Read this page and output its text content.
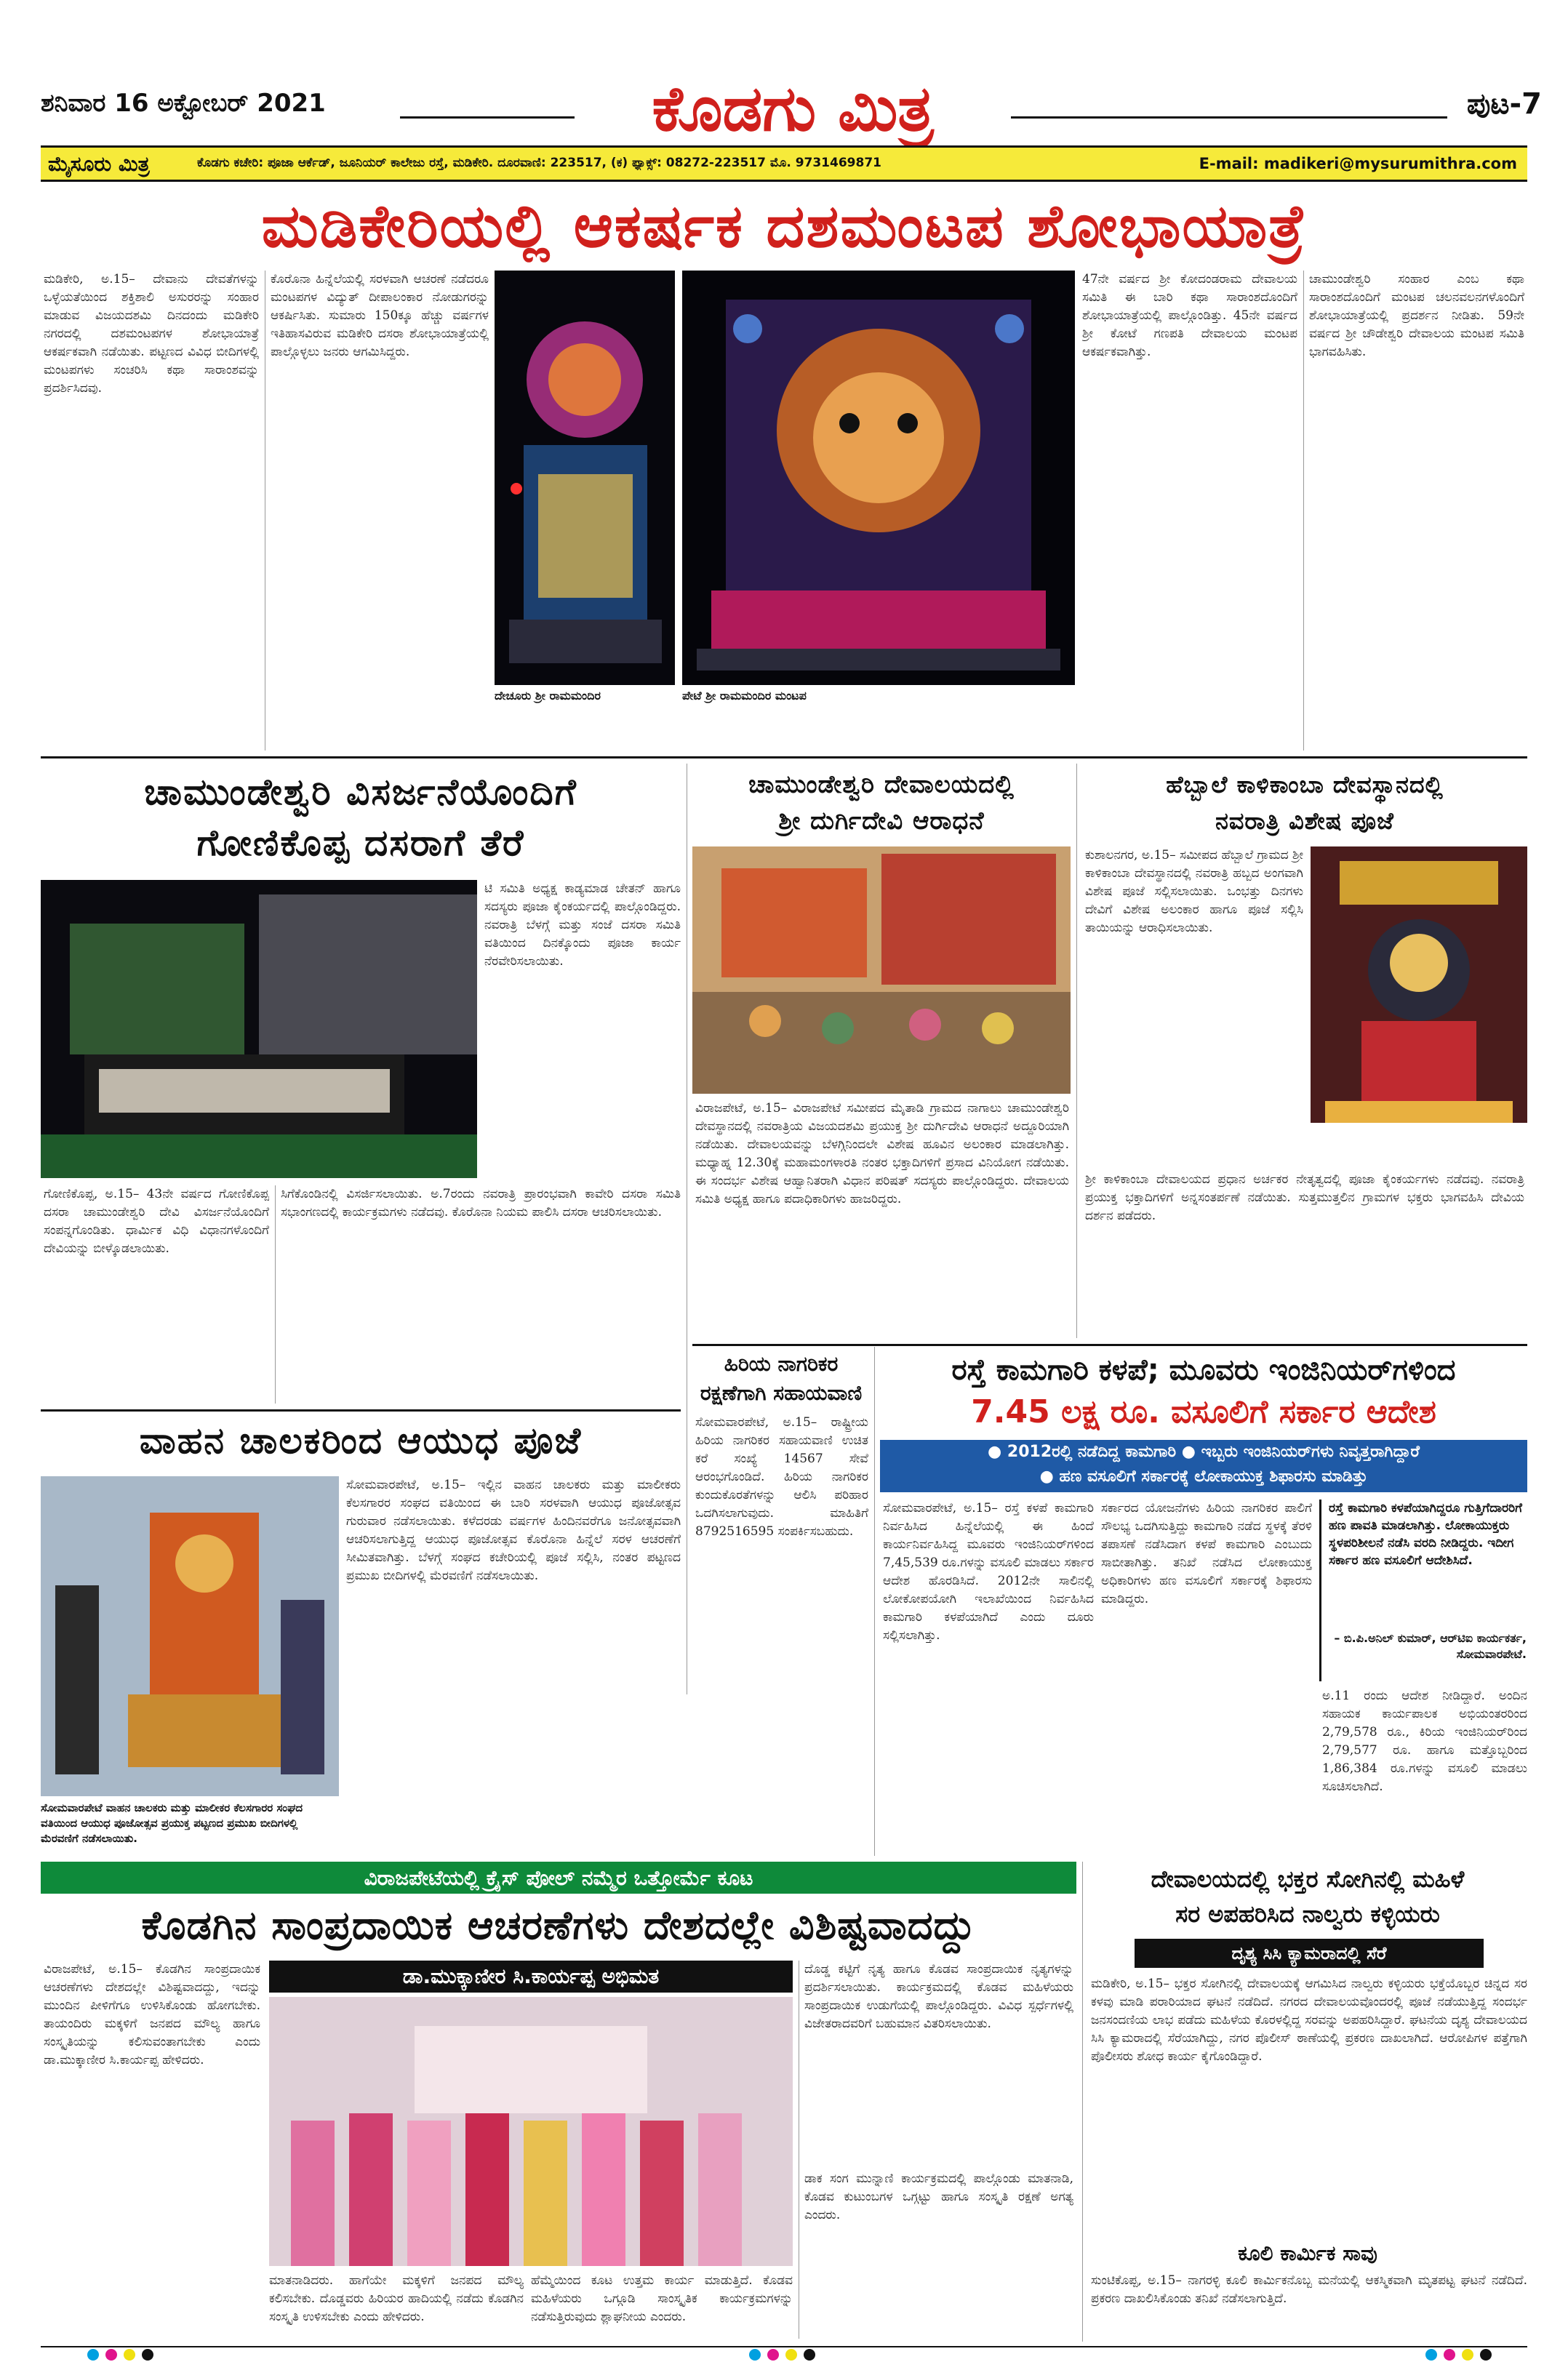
ಶನಿವಾರ 16 ಅಕ್ಟೋಬರ್ 2021	ಕೊಡಗು ಮಿತ್ರ	ಪುಟ-7
ಮೈಸೂರು ಮಿತ್ರ	ಕೊಡಗು ಕಚೇರಿ: ಪೂಜಾ ಆರ್ಕೆಡ್, ಜೂನಿಯರ್ ಕಾಲೇಜು ರಸ್ತೆ, ಮಡಿಕೇರಿ. ದೂರವಾಣಿ: 223517, (ಕ) ಫ್ಯಾಕ್ಸ್: 08272-223517 ಮೊ. 9731469871	E-mail: madikeri@mysurumithra.com
ಮಡಿಕೇರಿಯಲ್ಲಿ ಆಕರ್ಷಕ ದಶಮಂಟಪ ಶೋಭಾಯಾತ್ರೆ
ಮಡಿಕೇರಿ, ಅ.15– ದೇವಾನು ದೇವತೆಗಳನ್ನು ಒಳ್ಳೆಯತೆಯಿಂದ ಶಕ್ತಿಶಾಲಿ ಅಸುರರನ್ನು ಸಂಹಾರ ಮಾಡುವ ವಿಜಯದಶಮಿ ದಿನದಂದು ಮಡಿಕೇರಿ ನಗರದಲ್ಲಿ ದಶಮಂಟಪಗಳ ಶೋಭಾಯಾತ್ರೆ ಆಕರ್ಷಕವಾಗಿ ನಡೆಯಿತು. ಪಟ್ಟಣದ ವಿವಿಧ ಬೀದಿಗಳಲ್ಲಿ ಮಂಟಪಗಳು ಸಂಚರಿಸಿ ಕಥಾ ಸಾರಾಂಶವನ್ನು ಪ್ರದರ್ಶಿಸಿದವು.
ಕೊರೊನಾ ಹಿನ್ನೆಲೆಯಲ್ಲಿ ಸರಳವಾಗಿ ಆಚರಣೆ ನಡೆದರೂ ಮಂಟಪಗಳ ವಿದ್ಯುತ್ ದೀಪಾಲಂಕಾರ ನೋಡುಗರನ್ನು ಆಕರ್ಷಿಸಿತು. ಸುಮಾರು 150ಕ್ಕೂ ಹೆಚ್ಚು ವರ್ಷಗಳ ಇತಿಹಾಸವಿರುವ ಮಡಿಕೇರಿ ದಸರಾ ಶೋಭಾಯಾತ್ರೆಯಲ್ಲಿ ಪಾಲ್ಗೊಳ್ಳಲು ಜನರು ಆಗಮಿಸಿದ್ದರು.
ದೇಚೂರು ಶ್ರೀ ರಾಮಮಂದಿರ	ಪೇಟೆ ಶ್ರೀ ರಾಮಮಂದಿರ ಮಂಟಪ
47ನೇ ವರ್ಷದ ಶ್ರೀ ಕೋದಂಡರಾಮ ದೇವಾಲಯ ಸಮಿತಿ ಈ ಬಾರಿ ಕಥಾ ಸಾರಾಂಶದೊಂದಿಗೆ ಶೋಭಾಯಾತ್ರೆಯಲ್ಲಿ ಪಾಲ್ಗೊಂಡಿತ್ತು. 45ನೇ ವರ್ಷದ ಶ್ರೀ ಕೋಟೆ ಗಣಪತಿ ದೇವಾಲಯ ಮಂಟಪ ಆಕರ್ಷಕವಾಗಿತ್ತು.
ಚಾಮುಂಡೇಶ್ವರಿ ಸಂಹಾರ ಎಂಬ ಕಥಾ ಸಾರಾಂಶದೊಂದಿಗೆ ಮಂಟಪ ಚಲನವಲನಗಳೊಂದಿಗೆ ಶೋಭಾಯಾತ್ರೆಯಲ್ಲಿ ಪ್ರದರ್ಶನ ನೀಡಿತು. 59ನೇ ವರ್ಷದ ಶ್ರೀ ಚೌಡೇಶ್ವರಿ ದೇವಾಲಯ ಮಂಟಪ ಸಮಿತಿ ಭಾಗವಹಿಸಿತು.
ಚಾಮುಂಡೇಶ್ವರಿ ವಿಸರ್ಜನೆಯೊಂದಿಗೆ
ಗೋಣಿಕೊಪ್ಪ ದಸರಾಗೆ ತೆರೆ
ಟಿ ಸಮಿತಿ ಅಧ್ಯಕ್ಷ ಕಾಡ್ಯಮಾಡ ಚೇತನ್ ಹಾಗೂ ಸದಸ್ಯರು ಪೂಜಾ ಕೈಂಕರ್ಯದಲ್ಲಿ ಪಾಲ್ಗೊಂಡಿದ್ದರು. ನವರಾತ್ರಿ ಬೆಳಗ್ಗೆ ಮತ್ತು ಸಂಜೆ ದಸರಾ ಸಮಿತಿ ವತಿಯಿಂದ ದಿನಕ್ಕೊಂದು ಪೂಜಾ ಕಾರ್ಯ ನೆರವೇರಿಸಲಾಯಿತು.
ಗೋಣಿಕೊಪ್ಪ, ಅ.15– 43ನೇ ವರ್ಷದ ಗೋಣಿಕೊಪ್ಪ ದಸರಾ ಚಾಮುಂಡೇಶ್ವರಿ ದೇವಿ ವಿಸರ್ಜನೆಯೊಂದಿಗೆ ಸಂಪನ್ನಗೊಂಡಿತು. ಧಾರ್ಮಿಕ ವಿಧಿ ವಿಧಾನಗಳೊಂದಿಗೆ ದೇವಿಯನ್ನು ಬೀಳ್ಕೊಡಲಾಯಿತು.
ಸಿಗೆಕೊಂಡಿನಲ್ಲಿ ವಿಸರ್ಜಿಸಲಾಯಿತು. ಅ.7ರಂದು ನವರಾತ್ರಿ ಪ್ರಾರಂಭವಾಗಿ ಕಾವೇರಿ ದಸರಾ ಸಮಿತಿ ಸಭಾಂಗಣದಲ್ಲಿ ಕಾರ್ಯಕ್ರಮಗಳು ನಡೆದವು. ಕೊರೊನಾ ನಿಯಮ ಪಾಲಿಸಿ ದಸರಾ ಆಚರಿಸಲಾಯಿತು.
ವಾಹನ ಚಾಲಕರಿಂದ ಆಯುಧ ಪೂಜೆ
ಸೋಮವಾರಪೇಟೆ ವಾಹನ ಚಾಲಕರು ಮತ್ತು ಮಾಲೀಕರ ಕೆಲಸಗಾರರ ಸಂಘದ ವತಿಯಿಂದ ಆಯುಧ ಪೂಜೋತ್ಸವ ಪ್ರಯುಕ್ತ ಪಟ್ಟಣದ ಪ್ರಮುಖ ಬೀದಿಗಳಲ್ಲಿ ಮೆರವಣಿಗೆ ನಡೆಸಲಾಯಿತು.
ಸೋಮವಾರಪೇಟೆ, ಅ.15– ಇಲ್ಲಿನ ವಾಹನ ಚಾಲಕರು ಮತ್ತು ಮಾಲೀಕರು ಕೆಲಸಗಾರರ ಸಂಘದ ವತಿಯಿಂದ ಈ ಬಾರಿ ಸರಳವಾಗಿ ಆಯುಧ ಪೂಜೋತ್ಸವ ಗುರುವಾರ ನಡೆಸಲಾಯಿತು. ಕಳೆದರಡು ವರ್ಷಗಳ ಹಿಂದಿನವರೆಗೂ ಜನೋತ್ಸವವಾಗಿ ಆಚರಿಸಲಾಗುತ್ತಿದ್ದ ಆಯುಧ ಪೂಜೋತ್ಸವ ಕೊರೊನಾ ಹಿನ್ನೆಲೆ ಸರಳ ಆಚರಣೆಗೆ ಸೀಮಿತವಾಗಿತ್ತು. ಬೆಳಗ್ಗೆ ಸಂಘದ ಕಚೇರಿಯಲ್ಲಿ ಪೂಜೆ ಸಲ್ಲಿಸಿ, ನಂತರ ಪಟ್ಟಣದ ಪ್ರಮುಖ ಬೀದಿಗಳಲ್ಲಿ ಮೆರವಣಿಗೆ ನಡೆಸಲಾಯಿತು.
ಚಾಮುಂಡೇಶ್ವರಿ ದೇವಾಲಯದಲ್ಲಿ
ಶ್ರೀ ದುರ್ಗಿದೇವಿ ಆರಾಧನೆ
ವಿರಾಜಪೇಟೆ, ಅ.15– ವಿರಾಜಪೇಟೆ ಸಮೀಪದ ಮೈತಾಡಿ ಗ್ರಾಮದ ನಾಗಾಲು ಚಾಮುಂಡೇಶ್ವರಿ ದೇವಸ್ಥಾನದಲ್ಲಿ ನವರಾತ್ರಿಯ ವಿಜಯದಶಮಿ ಪ್ರಯುಕ್ತ ಶ್ರೀ ದುರ್ಗಿದೇವಿ ಆರಾಧನೆ ಅದ್ದೂರಿಯಾಗಿ ನಡೆಯಿತು. ದೇವಾಲಯವನ್ನು ಬೆಳಗ್ಗಿನಿಂದಲೇ ವಿಶೇಷ ಹೂವಿನ ಅಲಂಕಾರ ಮಾಡಲಾಗಿತ್ತು. ಮಧ್ಯಾಹ್ನ 12.30ಕ್ಕೆ ಮಹಾಮಂಗಳಾರತಿ ನಂತರ ಭಕ್ತಾದಿಗಳಿಗೆ ಪ್ರಸಾದ ವಿನಿಯೋಗ ನಡೆಯಿತು. ಈ ಸಂದರ್ಭ ವಿಶೇಷ ಆಹ್ವಾನಿತರಾಗಿ ವಿಧಾನ ಪರಿಷತ್ ಸದಸ್ಯರು ಪಾಲ್ಗೊಂಡಿದ್ದರು. ದೇವಾಲಯ ಸಮಿತಿ ಅಧ್ಯಕ್ಷ ಹಾಗೂ ಪದಾಧಿಕಾರಿಗಳು ಹಾಜರಿದ್ದರು.
ಹೆಬ್ಬಾಲೆ ಕಾಳಿಕಾಂಬಾ ದೇವಸ್ಥಾನದಲ್ಲಿ
ನವರಾತ್ರಿ ವಿಶೇಷ ಪೂಜೆ
ಕುಶಾಲನಗರ, ಅ.15– ಸಮೀಪದ ಹೆಬ್ಬಾಲೆ ಗ್ರಾಮದ ಶ್ರೀ ಕಾಳಿಕಾಂಬಾ ದೇವಸ್ಥಾನದಲ್ಲಿ ನವರಾತ್ರಿ ಹಬ್ಬದ ಅಂಗವಾಗಿ ವಿಶೇಷ ಪೂಜೆ ಸಲ್ಲಿಸಲಾಯಿತು. ಒಂಭತ್ತು ದಿನಗಳು ದೇವಿಗೆ ವಿಶೇಷ ಅಲಂಕಾರ ಹಾಗೂ ಪೂಜೆ ಸಲ್ಲಿಸಿ ತಾಯಿಯನ್ನು ಆರಾಧಿಸಲಾಯಿತು.
ಶ್ರೀ ಕಾಳಿಕಾಂಬಾ ದೇವಾಲಯದ ಪ್ರಧಾನ ಅರ್ಚಕರ ನೇತೃತ್ವದಲ್ಲಿ ಪೂಜಾ ಕೈಂಕರ್ಯಗಳು ನಡೆದವು. ನವರಾತ್ರಿ ಪ್ರಯುಕ್ತ ಭಕ್ತಾದಿಗಳಿಗೆ ಅನ್ನಸಂತರ್ಪಣೆ ನಡೆಯಿತು. ಸುತ್ತಮುತ್ತಲಿನ ಗ್ರಾಮಗಳ ಭಕ್ತರು ಭಾಗವಹಿಸಿ ದೇವಿಯ ದರ್ಶನ ಪಡೆದರು.
ಹಿರಿಯ ನಾಗರಿಕರ
ರಕ್ಷಣೆಗಾಗಿ ಸಹಾಯವಾಣಿ
ಸೋಮವಾರಪೇಟೆ, ಅ.15– ರಾಷ್ಟ್ರೀಯ ಹಿರಿಯ ನಾಗರಿಕರ ಸಹಾಯವಾಣಿ ಉಚಿತ ಕರೆ ಸಂಖ್ಯೆ 14567 ಸೇವೆ ಆರಂಭಗೊಂಡಿದೆ. ಹಿರಿಯ ನಾಗರಿಕರ ಕುಂದುಕೊರತೆಗಳನ್ನು ಆಲಿಸಿ ಪರಿಹಾರ ಒದಗಿಸಲಾಗುವುದು. ಮಾಹಿತಿಗೆ 8792516595 ಸಂಪರ್ಕಿಸಬಹುದು.
ರಸ್ತೆ ಕಾಮಗಾರಿ ಕಳಪೆ; ಮೂವರು ಇಂಜಿನಿಯರ್‌ಗಳಿಂದ
7.45 ಲಕ್ಷ ರೂ. ವಸೂಲಿಗೆ ಸರ್ಕಾರ ಆದೇಶ
● 2012ರಲ್ಲಿ ನಡೆದಿದ್ದ ಕಾಮಗಾರಿ ● ಇಬ್ಬರು ಇಂಜಿನಿಯರ್‌ಗಳು ನಿವೃತ್ತರಾಗಿದ್ದಾರೆ
● ಹಣ ವಸೂಲಿಗೆ ಸರ್ಕಾರಕ್ಕೆ ಲೋಕಾಯುಕ್ತ ಶಿಫಾರಸು ಮಾಡಿತ್ತು
ಸೋಮವಾರಪೇಟೆ, ಅ.15– ರಸ್ತೆ ಕಳಪೆ ಕಾಮಗಾರಿ ನಿರ್ವಹಿಸಿದ ಹಿನ್ನೆಲೆಯಲ್ಲಿ ಈ ಹಿಂದೆ ಕಾರ್ಯನಿರ್ವಹಿಸಿದ್ದ ಮೂವರು ಇಂಜಿನಿಯರ್‌ಗಳಿಂದ 7,45,539 ರೂ.ಗಳನ್ನು ವಸೂಲಿ ಮಾಡಲು ಸರ್ಕಾರ ಆದೇಶ ಹೊರಡಿಸಿದೆ. 2012ನೇ ಸಾಲಿನಲ್ಲಿ ಲೋಕೋಪಯೋಗಿ ಇಲಾಖೆಯಿಂದ ನಿರ್ವಹಿಸಿದ ಕಾಮಗಾರಿ ಕಳಪೆಯಾಗಿದೆ ಎಂದು ದೂರು ಸಲ್ಲಿಸಲಾಗಿತ್ತು.
ಸರ್ಕಾರದ ಯೋಜನೆಗಳು ಹಿರಿಯ ನಾಗರಿಕರ ಪಾಲಿಗೆ ಸೌಲಭ್ಯ ಒದಗಿಸುತ್ತಿದ್ದು ಕಾಮಗಾರಿ ನಡೆದ ಸ್ಥಳಕ್ಕೆ ತೆರಳಿ ತಪಾಸಣೆ ನಡೆಸಿದಾಗ ಕಳಪೆ ಕಾಮಗಾರಿ ಎಂಬುದು ಸಾಬೀತಾಗಿತ್ತು. ತನಿಖೆ ನಡೆಸಿದ ಲೋಕಾಯುಕ್ತ ಅಧಿಕಾರಿಗಳು ಹಣ ವಸೂಲಿಗೆ ಸರ್ಕಾರಕ್ಕೆ ಶಿಫಾರಸು ಮಾಡಿದ್ದರು.
ರಸ್ತೆ ಕಾಮಗಾರಿ ಕಳಪೆಯಾಗಿದ್ದರೂ ಗುತ್ತಿಗೆದಾರರಿಗೆ ಹಣ ಪಾವತಿ ಮಾಡಲಾಗಿತ್ತು. ಲೋಕಾಯುಕ್ತರು ಸ್ಥಳಪರಿಶೀಲನೆ ನಡೆಸಿ ವರದಿ ನೀಡಿದ್ದರು. ಇದೀಗ ಸರ್ಕಾರ ಹಣ ವಸೂಲಿಗೆ ಆದೇಶಿಸಿದೆ.
– ಬಿ.ಪಿ.ಅನಿಲ್ ಕುಮಾರ್, ಆರ್‌ಟಿಐ ಕಾರ್ಯಕರ್ತ, ಸೋಮವಾರಪೇಟೆ.
ಅ.11 ರಂದು ಆದೇಶ ನೀಡಿದ್ದಾರೆ. ಅಂದಿನ ಸಹಾಯಕ ಕಾರ್ಯಪಾಲಕ ಅಭಿಯಂತರರಿಂದ 2,79,578 ರೂ., ಕಿರಿಯ ಇಂಜಿನಿಯರ್‌ರಿಂದ 2,79,577 ರೂ. ಹಾಗೂ ಮತ್ತೊಬ್ಬರಿಂದ 1,86,384 ರೂ.ಗಳನ್ನು ವಸೂಲಿ ಮಾಡಲು ಸೂಚಿಸಲಾಗಿದೆ.
ವಿರಾಜಪೇಟೆಯಲ್ಲಿ ಕ್ರೈಸ್ ಪೋಲ್ ನಮ್ಮೆರ ಒತ್ತೋರ್ಮೆ ಕೂಟ
ಕೊಡಗಿನ ಸಾಂಪ್ರದಾಯಿಕ ಆಚರಣೆಗಳು ದೇಶದಲ್ಲೇ ವಿಶಿಷ್ಟವಾದದ್ದು
ವಿರಾಜಪೇಟೆ, ಅ.15– ಕೊಡಗಿನ ಸಾಂಪ್ರದಾಯಿಕ ಆಚರಣೆಗಳು ದೇಶದಲ್ಲೇ ವಿಶಿಷ್ಟವಾದದ್ದು, ಇದನ್ನು ಮುಂದಿನ ಪೀಳಿಗೆಗೂ ಉಳಿಸಿಕೊಂಡು ಹೋಗಬೇಕು. ತಾಯಂದಿರು ಮಕ್ಕಳಿಗೆ ಜನಪದ ಮೌಲ್ಯ ಹಾಗೂ ಸಂಸ್ಕೃತಿಯನ್ನು ಕಲಿಸುವಂತಾಗಬೇಕು ಎಂದು ಡಾ.ಮುಕ್ಕಾಣೀರ ಸಿ.ಕಾರ್ಯಪ್ಪ ಹೇಳಿದರು.
ಡಾ.ಮುಕ್ಕಾಣೀರ ಸಿ.ಕಾರ್ಯಪ್ಪ ಅಭಿಮತ
ಮಾತನಾಡಿದರು. ಹಾಗೆಯೇ ಮಕ್ಕಳಿಗೆ ಜನಪದ ಮೌಲ್ಯ ಕಲಿಸಬೇಕು. ದೊಡ್ಡವರು ಹಿರಿಯರ ಹಾದಿಯಲ್ಲಿ ನಡೆದು ಕೊಡಗಿನ ಸಂಸ್ಕೃತಿ ಉಳಿಸಬೇಕು ಎಂದು ಹೇಳಿದರು.
ಹೆಮ್ಮೆಯಿಂದ ಕೂಟ ಉತ್ತಮ ಕಾರ್ಯ ಮಾಡುತ್ತಿದೆ. ಕೊಡವ ಮಹಿಳೆಯರು ಒಗ್ಗೂಡಿ ಸಾಂಸ್ಕೃತಿಕ ಕಾರ್ಯಕ್ರಮಗಳನ್ನು ನಡೆಸುತ್ತಿರುವುದು ಶ್ಲಾಘನೀಯ ಎಂದರು.
ದೊಡ್ಡ ಕಟ್ಟಿಗೆ ನೃತ್ಯ ಹಾಗೂ ಕೊಡವ ಸಾಂಪ್ರದಾಯಿಕ ನೃತ್ಯಗಳನ್ನು ಪ್ರದರ್ಶಿಸಲಾಯಿತು. ಕಾರ್ಯಕ್ರಮದಲ್ಲಿ ಕೊಡವ ಮಹಿಳೆಯರು ಸಾಂಪ್ರದಾಯಿಕ ಉಡುಗೆಯಲ್ಲಿ ಪಾಲ್ಗೊಂಡಿದ್ದರು. ವಿವಿಧ ಸ್ಪರ್ಧೆಗಳಲ್ಲಿ ವಿಜೇತರಾದವರಿಗೆ ಬಹುಮಾನ ವಿತರಿಸಲಾಯಿತು.
ಡಾಕ ಸಂಗ ಮುನ್ನಾಣಿ ಕಾರ್ಯಕ್ರಮದಲ್ಲಿ ಪಾಲ್ಗೊಂಡು ಮಾತನಾಡಿ, ಕೊಡವ ಕುಟುಂಬಗಳ ಒಗ್ಗಟ್ಟು ಹಾಗೂ ಸಂಸ್ಕೃತಿ ರಕ್ಷಣೆ ಅಗತ್ಯ ಎಂದರು.
ದೇವಾಲಯದಲ್ಲಿ ಭಕ್ತರ ಸೋಗಿನಲ್ಲಿ ಮಹಿಳೆ
ಸರ ಅಪಹರಿಸಿದ ನಾಲ್ವರು ಕಳ್ಳಿಯರು
ದೃಶ್ಯ ಸಿಸಿ ಕ್ಯಾಮರಾದಲ್ಲಿ ಸೆರೆ
ಮಡಿಕೇರಿ, ಅ.15– ಭಕ್ತರ ಸೋಗಿನಲ್ಲಿ ದೇವಾಲಯಕ್ಕೆ ಆಗಮಿಸಿದ ನಾಲ್ವರು ಕಳ್ಳಿಯರು ಭಕ್ತೆಯೊಬ್ಬರ ಚಿನ್ನದ ಸರ ಕಳವು ಮಾಡಿ ಪರಾರಿಯಾದ ಘಟನೆ ನಡೆದಿದೆ. ನಗರದ ದೇವಾಲಯವೊಂದರಲ್ಲಿ ಪೂಜೆ ನಡೆಯುತ್ತಿದ್ದ ಸಂದರ್ಭ ಜನಸಂದಣಿಯ ಲಾಭ ಪಡೆದು ಮಹಿಳೆಯ ಕೊರಳಲ್ಲಿದ್ದ ಸರವನ್ನು ಅಪಹರಿಸಿದ್ದಾರೆ. ಘಟನೆಯ ದೃಶ್ಯ ದೇವಾಲಯದ ಸಿಸಿ ಕ್ಯಾಮರಾದಲ್ಲಿ ಸೆರೆಯಾಗಿದ್ದು, ನಗರ ಪೊಲೀಸ್ ಠಾಣೆಯಲ್ಲಿ ಪ್ರಕರಣ ದಾಖಲಾಗಿದೆ. ಆರೋಪಿಗಳ ಪತ್ತೆಗಾಗಿ ಪೊಲೀಸರು ಶೋಧ ಕಾರ್ಯ ಕೈಗೊಂಡಿದ್ದಾರೆ.
ಕೂಲಿ ಕಾರ್ಮಿಕ ಸಾವು
ಸುಂಟಿಕೊಪ್ಪ, ಅ.15– ನಾಗರಳ್ಳಿ ಕೂಲಿ ಕಾರ್ಮಿಕನೊಬ್ಬ ಮನೆಯಲ್ಲಿ ಆಕಸ್ಮಿಕವಾಗಿ ಮೃತಪಟ್ಟ ಘಟನೆ ನಡೆದಿದೆ. ಪ್ರಕರಣ ದಾಖಲಿಸಿಕೊಂಡು ತನಿಖೆ ನಡೆಸಲಾಗುತ್ತಿದೆ.
